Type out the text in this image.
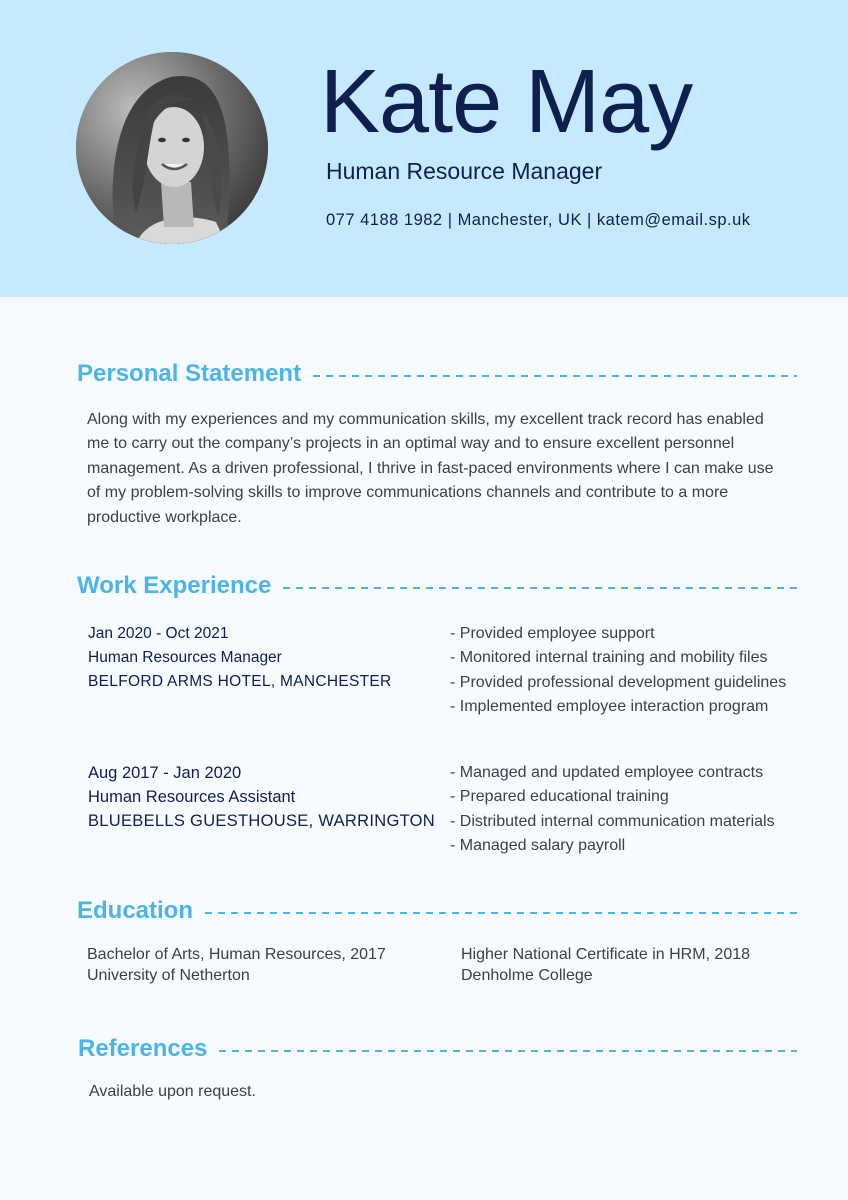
Kate May
Human Resource Manager
077 4188 1982 | Manchester, UK | katem@email.sp.uk
Personal Statement

Along with my experiences and my communication skills, my excellent track record has enabled me to carry out the company’s projects in an optimal way and to ensure excellent personnel management. As a driven professional, I thrive in fast-paced environments where I can make use of my problem-solving skills to improve communications channels and contribute to a more productive workplace.

Work Experience
Jan 2020 - Oct 2021
Human Resources Manager
BELFORD ARMS HOTEL, MANCHESTER
- Provided employee support
- Monitored internal training and mobility files
- Provided professional development guidelines
- Implemented employee interaction program
Aug 2017 - Jan 2020
Human Resources Assistant
BLUEBELLS GUESTHOUSE, WARRINGTON
- Managed and updated employee contracts
- Prepared educational training
- Distributed internal communication materials
- Managed salary payroll
Education
Bachelor of Arts, Human Resources, 2017
University of Netherton
Higher National Certificate in HRM, 2018
Denholme College
References
Available upon request.
